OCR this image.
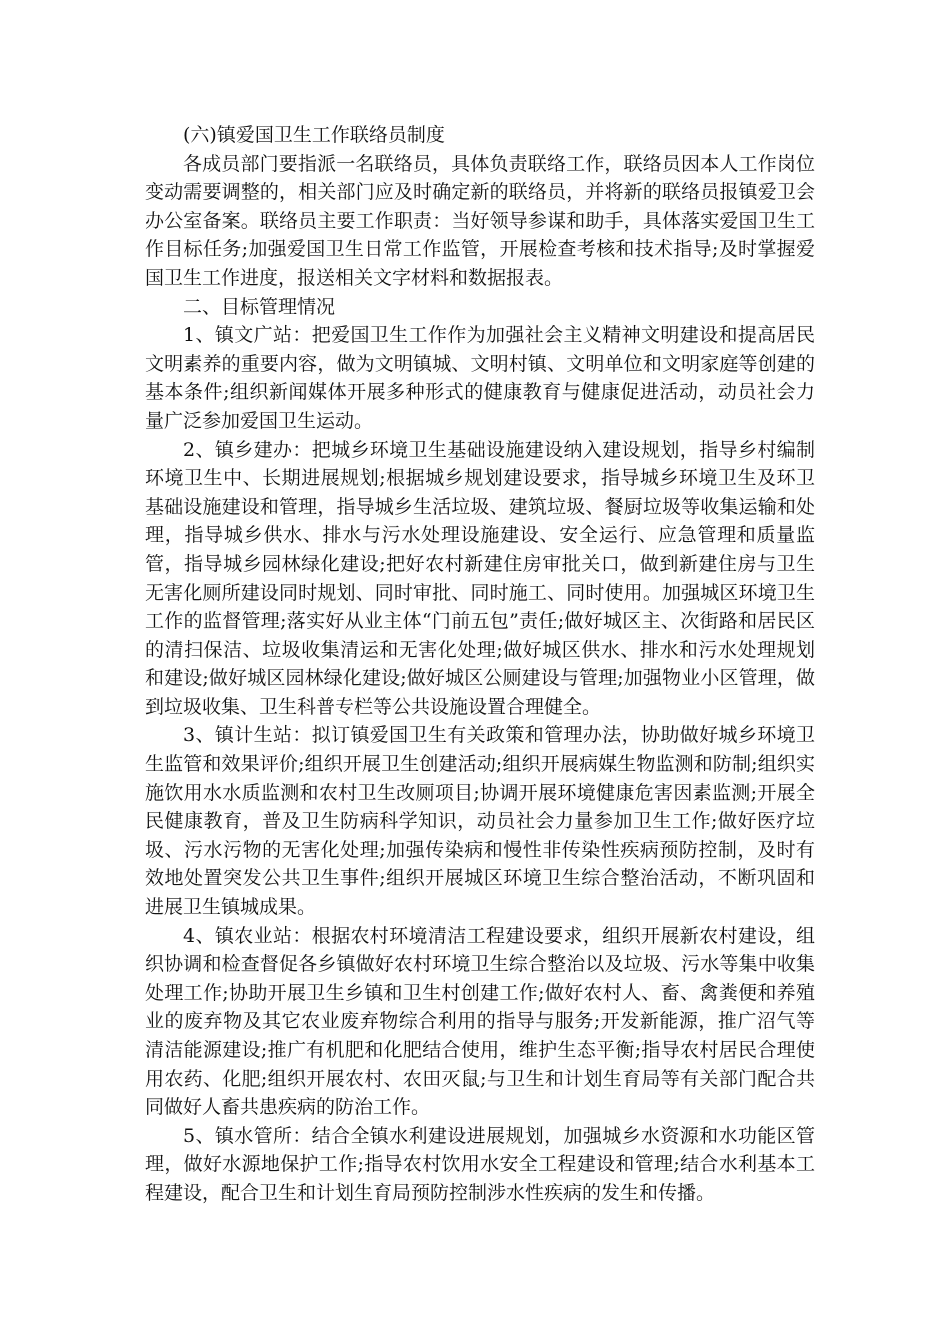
(六)镇爱国卫生工作联络员制度

各成员部门要指派一名联络员，具体负责联络工作，联络员因本人工作岗位变动需要调整的，相关部门应及时确定新的联络员，并将新的联络员报镇爱卫会办公室备案。联络员主要工作职责：当好领导参谋和助手，具体落实爱国卫生工作目标任务;加强爱国卫生日常工作监管，开展检查考核和技术指导;及时掌握爱国卫生工作进度，报送相关文字材料和数据报表。

二、目标管理情况

1、镇文广站：把爱国卫生工作作为加强社会主义精神文明建设和提高居民文明素养的重要内容，做为文明镇城、文明村镇、文明单位和文明家庭等创建的基本条件;组织新闻媒体开展多种形式的健康教育与健康促进活动，动员社会力量广泛参加爱国卫生运动。

2、镇乡建办：把城乡环境卫生基础设施建设纳入建设规划，指导乡村编制环境卫生中、长期进展规划;根据城乡规划建设要求，指导城乡环境卫生及环卫基础设施建设和管理，指导城乡生活垃圾、建筑垃圾、餐厨垃圾等收集运输和处理，指导城乡供水、排水与污水处理设施建设、安全运行、应急管理和质量监管，指导城乡园林绿化建设;把好农村新建住房审批关口，做到新建住房与卫生无害化厕所建设同时规划、同时审批、同时施工、同时使用。加强城区环境卫生工作的监督管理;落实好从业主体“门前五包”责任;做好城区主、次街路和居民区的清扫保洁、垃圾收集清运和无害化处理;做好城区供水、排水和污水处理规划和建设;做好城区园林绿化建设;做好城区公厕建设与管理;加强物业小区管理，做到垃圾收集、卫生科普专栏等公共设施设置合理健全。

3、镇计生站：拟订镇爱国卫生有关政策和管理办法，协助做好城乡环境卫生监管和效果评价;组织开展卫生创建活动;组织开展病媒生物监测和防制;组织实施饮用水水质监测和农村卫生改厕项目;协调开展环境健康危害因素监测;开展全民健康教育，普及卫生防病科学知识，动员社会力量参加卫生工作;做好医疗垃圾、污水污物的无害化处理;加强传染病和慢性非传染性疾病预防控制，及时有效地处置突发公共卫生事件;组织开展城区环境卫生综合整治活动，不断巩固和进展卫生镇城成果。

4、镇农业站：根据农村环境清洁工程建设要求，组织开展新农村建设，组织协调和检查督促各乡镇做好农村环境卫生综合整治以及垃圾、污水等集中收集处理工作;协助开展卫生乡镇和卫生村创建工作;做好农村人、畜、禽粪便和养殖业的废弃物及其它农业废弃物综合利用的指导与服务;开发新能源，推广沼气等清洁能源建设;推广有机肥和化肥结合使用，维护生态平衡;指导农村居民合理使用农药、化肥;组织开展农村、农田灭鼠;与卫生和计划生育局等有关部门配合共同做好人畜共患疾病的防治工作。

5、镇水管所：结合全镇水利建设进展规划，加强城乡水资源和水功能区管理，做好水源地保护工作;指导农村饮用水安全工程建设和管理;结合水利基本工程建设，配合卫生和计划生育局预防控制涉水性疾病的发生和传播。
